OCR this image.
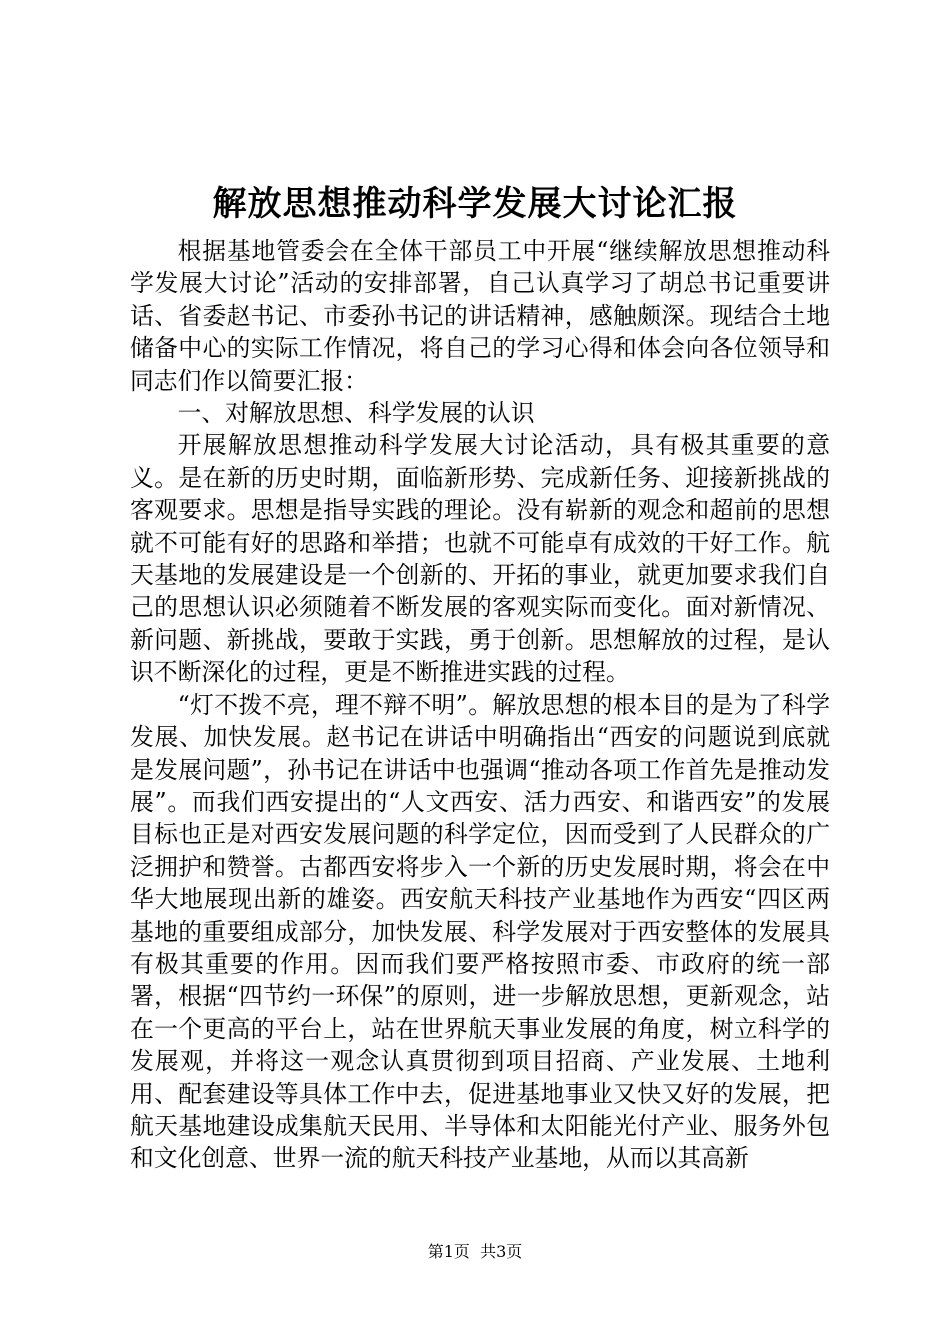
解放思想推动科学发展大讨论汇报

根据基地管委会在全体干部员工中开展“继续解放思想推动科学发展大讨论”活动的安排部署，自己认真学习了胡总书记重要讲话、省委赵书记、市委孙书记的讲话精神，感触颇深。现结合土地储备中心的实际工作情况，将自己的学习心得和体会向各位领导和同志们作以简要汇报：

一、对解放思想、科学发展的认识

开展解放思想推动科学发展大讨论活动，具有极其重要的意义。是在新的历史时期，面临新形势、完成新任务、迎接新挑战的客观要求。思想是指导实践的理论。没有崭新的观念和超前的思想就不可能有好的思路和举措；也就不可能卓有成效的干好工作。航天基地的发展建设是一个创新的、开拓的事业，就更加要求我们自己的思想认识必须随着不断发展的客观实际而变化。面对新情况、新问题、新挑战，要敢于实践，勇于创新。思想解放的过程，是认识不断深化的过程，更是不断推进实践的过程。

“灯不拨不亮，理不辩不明”。解放思想的根本目的是为了科学发展、加快发展。赵书记在讲话中明确指出“西安的问题说到底就是发展问题”，孙书记在讲话中也强调“推动各项工作首先是推动发展”。而我们西安提出的“人文西安、活力西安、和谐西安”的发展目标也正是对西安发展问题的科学定位，因而受到了人民群众的广泛拥护和赞誉。古都西安将步入一个新的历史发展时期，将会在中华大地展现出新的雄姿。西安航天科技产业基地作为西安“四区两基地的重要组成部分，加快发展、科学发展对于西安整体的发展具有极其重要的作用。因而我们要严格按照市委、市政府的统一部署，根据“四节约一环保”的原则，进一步解放思想，更新观念，站在一个更高的平台上，站在世界航天事业发展的角度，树立科学的发展观，并将这一观念认真贯彻到项目招商、产业发展、土地利用、配套建设等具体工作中去，促进基地事业又快又好的发展，把航天基地建设成集航天民用、半导体和太阳能光付产业、服务外包和文化创意、世界一流的航天科技产业基地，从而以其高新

第1页  共3页
